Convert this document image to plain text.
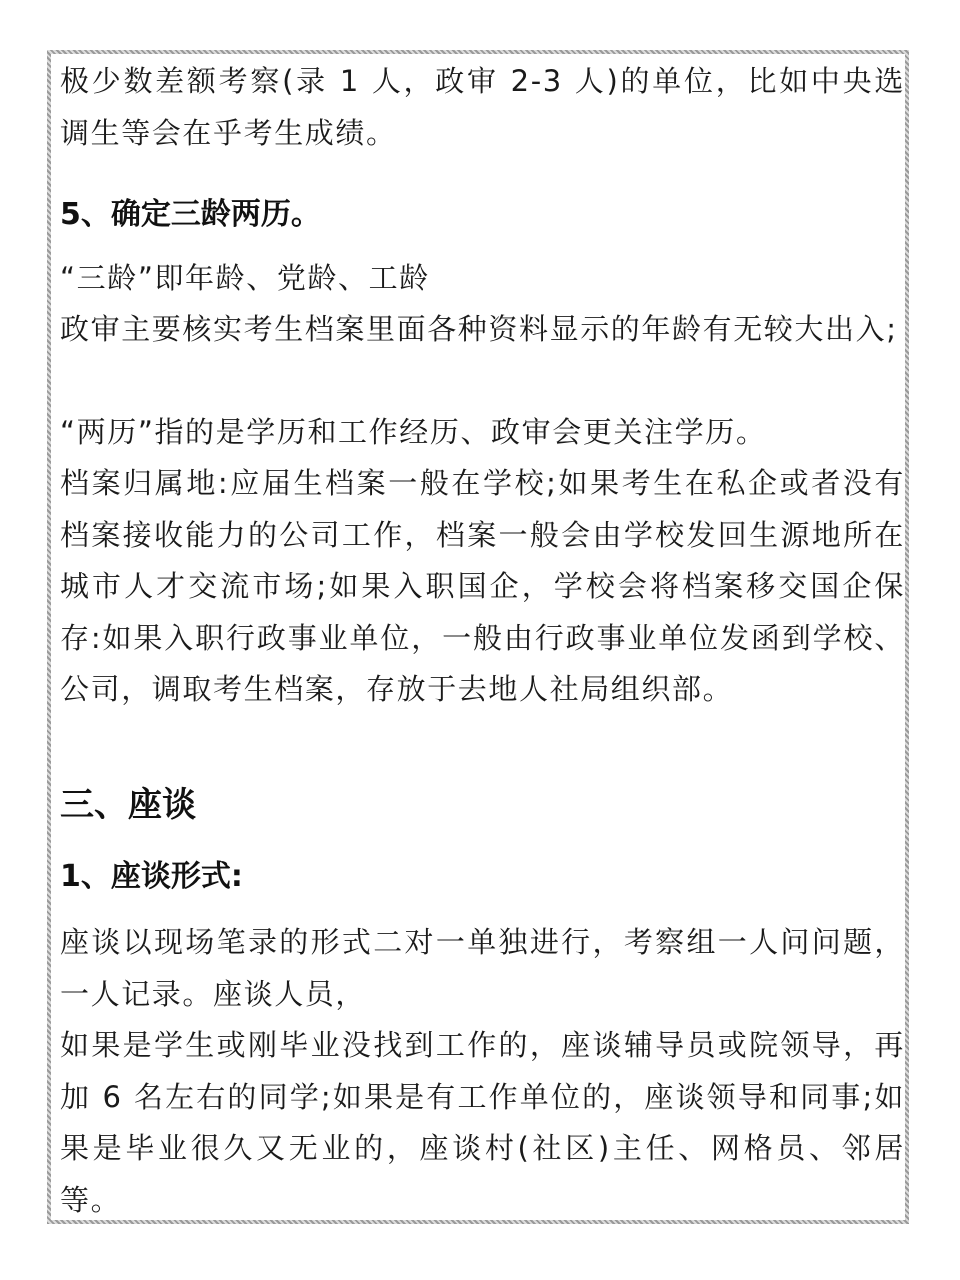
极少数差额考察(录 1 人，政审 2-3 人)的单位，比如中央选调生等会在乎考生成绩。
5、确定三龄两历。
“三龄”即年龄、党龄、工龄
政审主要核实考生档案里面各种资料显示的年龄有无较大出入;
“两历”指的是学历和工作经历、政审会更关注学历。
档案归属地:应届生档案一般在学校;如果考生在私企或者没有档案接收能力的公司工作，档案一般会由学校发回生源地所在城市人才交流市场;如果入职国企，学校会将档案移交国企保存:如果入职行政事业单位，一般由行政事业单位发函到学校、公司，调取考生档案，存放于去地人社局组织部。
三、座谈
1、座谈形式:
座谈以现场笔录的形式二对一单独进行，考察组一人问问题，一人记录。座谈人员，
如果是学生或刚毕业没找到工作的，座谈辅导员或院领导，再加 6 名左右的同学;如果是有工作单位的，座谈领导和同事;如果是毕业很久又无业的，座谈村(社区)主任、网格员、邻居等。
